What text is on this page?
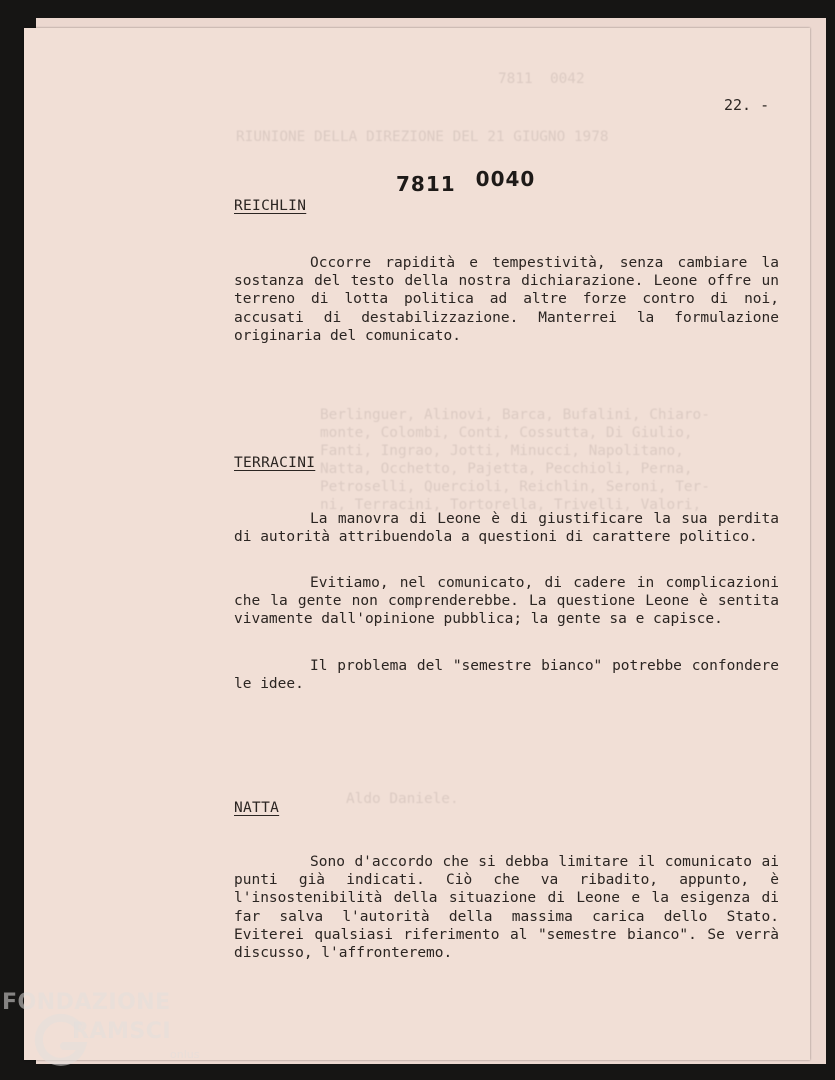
7811  0042
RIUNIONE DELLA DIREZIONE DEL 21 GIUGNO 1978
Berlinguer, Alinovi, Barca, Bufalini, Chiaro-
monte, Colombi, Conti, Cossutta, Di Giulio,
Fanti, Ingrao, Jotti, Minucci, Napolitano,
Natta, Occhetto, Pajetta, Pecchioli, Perna,
Petroselli, Quercioli, Reichlin, Seroni, Ter-
ni, Terracini, Tortorella, Trivelli, Valori,
Aldo Daniele.
22. -
7811 0040
REICHLIN

Occorre rapidità e tempestività, senza cambiare la sostanza del testo della nostra dichiarazione. Leone offre un terreno di lotta politica ad altre forze contro di noi, accusati di destabilizzazione. Manterrei la formulazione originaria del comunicato.

TERRACINI

La manovra di Leone è di giustificare la sua perdita di autorità attribuendola a questioni di carattere politico.

Evitiamo, nel comunicato, di cadere in complicazioni che la gente non comprenderebbe. La questione Leone è sentita vivamente dall'opinione pubblica; la gente sa e capisce.

Il problema del "semestre bianco" potrebbe confondere le idee.

NATTA

Sono d'accordo che si debba limitare il comunicato ai punti già indicati. Ciò che va ribadito, appunto, è l'insostenibilità della situazione di Leone e la esigenza di far salva l'autorità della massima carica dello Stato. Eviterei qualsiasi riferimento al "semestre bianco". Se verrà discusso, l'affronteremo.

FONDAZIONE
RAMSCI
onlus
